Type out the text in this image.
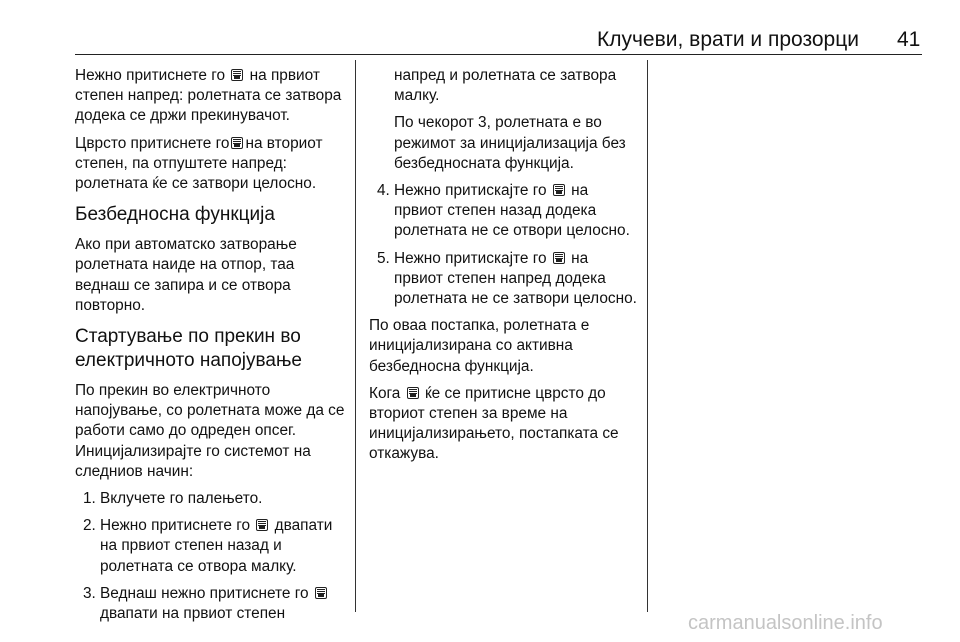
Клучеви, врати и прозорци 41

Нежно притиснете го на првиот степен напред: ролетната се затвора додека се држи прекинувачот.

Цврсто притиснете го на вториот степен, па отпуштете напред: ролетната ќе се затвори целосно.

Безбедносна функција

Ако при автоматско затворање ролетната наиде на отпор, таа веднаш се запира и се отвора повторно.

Стартување по прекин во електричното напојување

По прекин во електричното напојување, со ролетната може да се работи само до одреден опсег. Иницијализирајте го системот на следниов начин:

1. Вклучете го палењето.
2. Нежно притиснете го двапати на првиот степен назад и ролетната се отвора малку.
3. Веднаш нежно притиснете го  двапати на првиот степен

напред и ролетната се затвора малку.

По чекорот 3, ролетната е во режимот за иницијализација без безбедносната функција.

4. Нежно притискајте го на првиот степен назад додека ролетната не се отвори целосно.
5. Нежно притискајте го на првиот степен напред додека ролетната не се затвори целосно.

По оваа постапка, ролетната е иницијализирана со активна безбедносна функција.

Кога ќе се притисне цврсто до вториот степен за време на иницијализирањето, постапката се откажува.

carmanualsonline.info
